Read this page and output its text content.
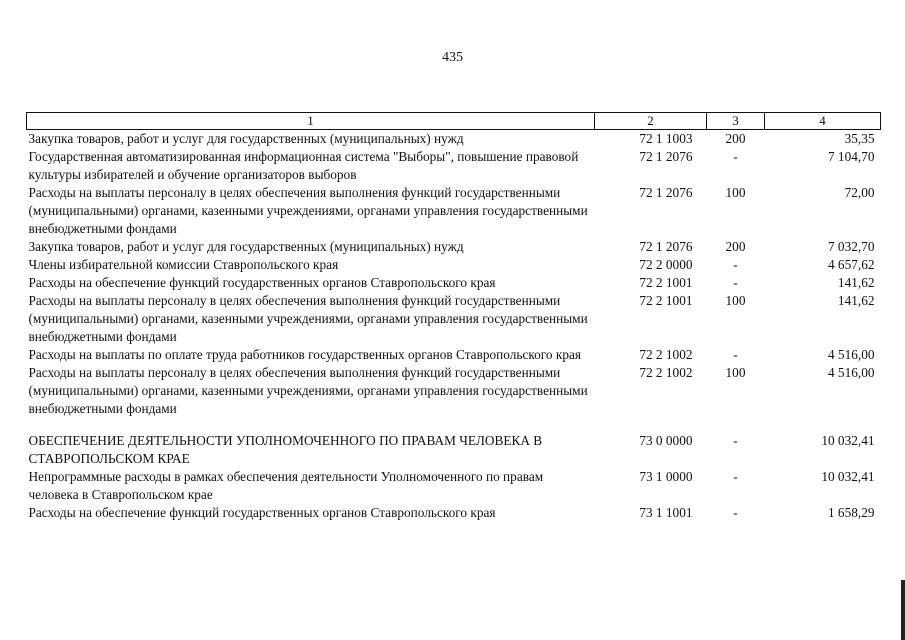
435
1	2	3	4
Закупка товаров, работ и услуг для государственных (муниципальных) нужд	72 1 1003	200	35,35
Государственная автоматизированная информационная система "Выборы", повышение правовой культуры избирателей и обучение организаторов выборов	72 1 2076	-	7 104,70
Расходы на выплаты персоналу в целях обеспечения выполнения функций государственными (муниципальными) органами, казенными учреждениями, органами управления государственными внебюджетными фондами	72 1 2076	100	72,00
Закупка товаров, работ и услуг для государственных (муниципальных) нужд	72 1 2076	200	7 032,70
Члены избирательной комиссии Ставропольского края	72 2 0000	-	4 657,62
Расходы на обеспечение функций государственных органов Ставропольского края	72 2 1001	-	141,62
Расходы на выплаты персоналу в целях обеспечения выполнения функций государственными (муниципальными) органами, казенными учреждениями, органами управления государственными внебюджетными фондами	72 2 1001	100	141,62
Расходы на выплаты по оплате труда работников государственных органов Ставропольского края	72 2 1002	-	4 516,00
Расходы на выплаты персоналу в целях обеспечения выполнения функций государственными (муниципальными) органами, казенными учреждениями, органами управления государственными внебюджетными фондами	72 2 1002	100	4 516,00

ОБЕСПЕЧЕНИЕ ДЕЯТЕЛЬНОСТИ УПОЛНОМОЧЕННОГО ПО ПРАВАМ ЧЕЛОВЕКА В СТАВРОПОЛЬСКОМ КРАЕ	73 0 0000	-	10 032,41
Непрограммные расходы в рамках обеспечения деятельности Уполномоченного по правам человека в Ставропольском крае	73 1 0000	-	10 032,41
Расходы на обеспечение функций государственных органов Ставропольского края	73 1 1001	-	1 658,29
